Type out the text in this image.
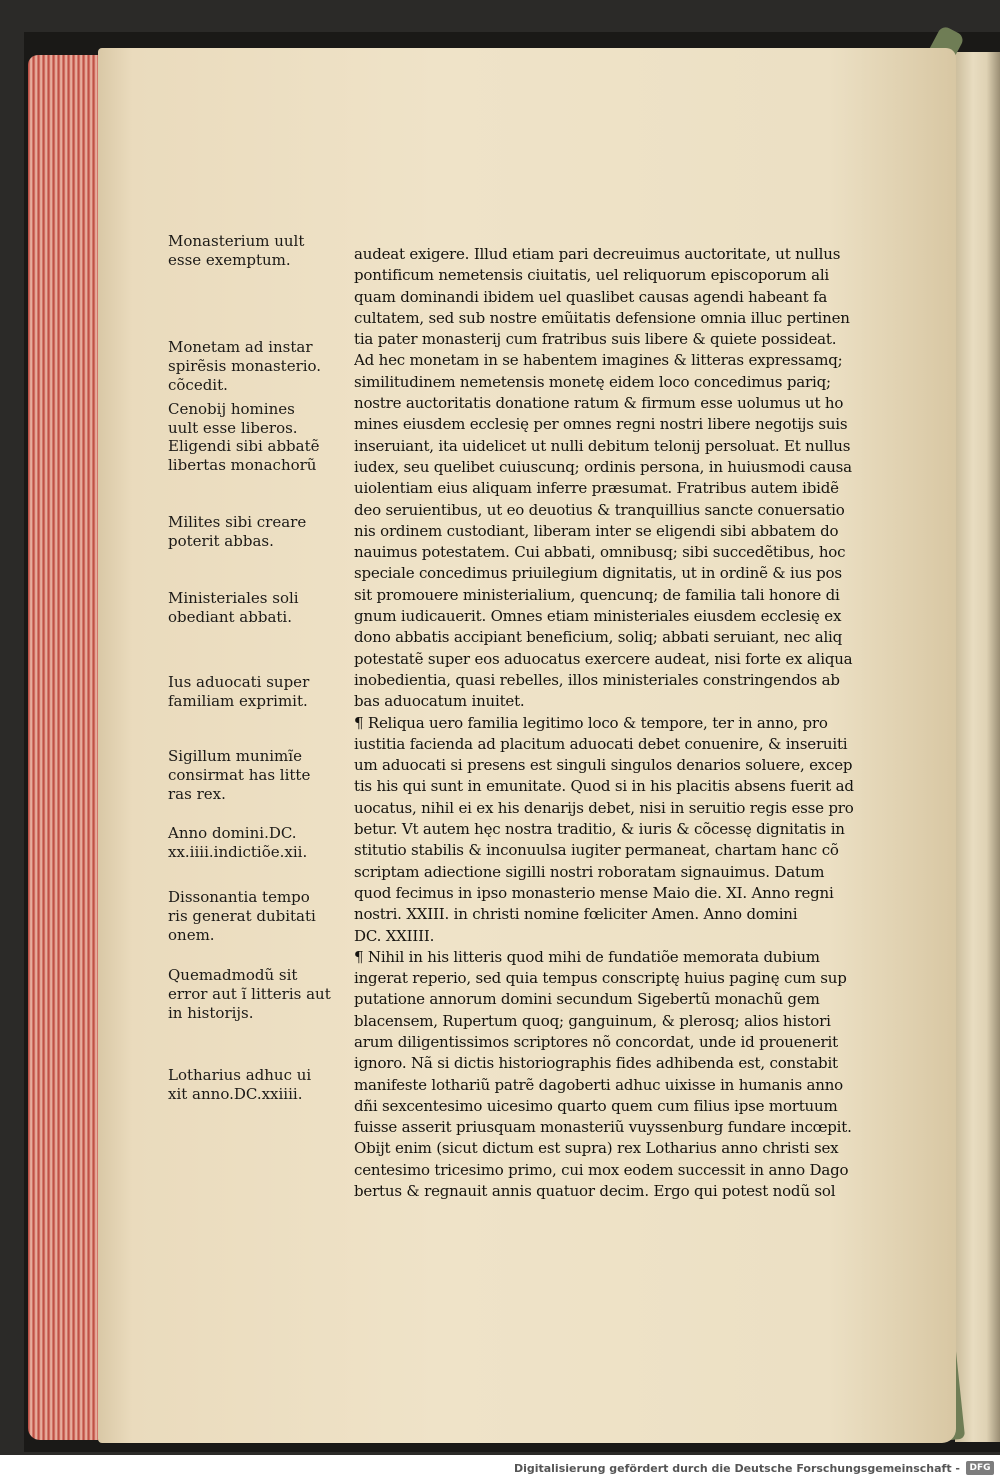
Monasterium uult
esse exemptum.
Monetam ad instar
spirẽsis monasterio.
cõcedit.
Cenobij homines
uult esse liberos.
Eligendi sibi abbatẽ
libertas monachorũ
Milites sibi creare
poterit abbas.
Ministeriales soli
obediant abbati.
Ius aduocati super
familiam exprimit.
Sigillum munimĩe
consirmat has litte
ras rex.
Anno domini.DC.
xx.iiii.indictiõe.xii.
Dissonantia tempo
ris generat dubitati
onem.
Quemadmodũ sit
error aut ĩ litteris aut
in historijs.
Lotharius adhuc ui
xit anno.DC.xxiiii.
audeat exigere. Illud etiam pari decreuimus auctoritate, ut nullus
pontificum nemetensis ciuitatis, uel reliquorum episcoporum ali
quam dominandi ibidem uel quaslibet causas agendi habeant fa
cultatem, sed sub nostre emũitatis defensione omnia illuc pertinen
tia pater monasterij cum fratribus suis libere & quiete possideat.
Ad hec monetam in se habentem imagines & litteras expressamq;
similitudinem nemetensis monetę eidem loco concedimus pariq;
nostre auctoritatis donatione ratum & firmum esse uolumus ut ho
mines eiusdem ecclesię per omnes regni nostri libere negotijs suis
inseruiant, ita uidelicet ut nulli debitum telonij persoluat. Et nullus
iudex, seu quelibet cuiuscunq; ordinis persona, in huiusmodi causa
uiolentiam eius aliquam inferre præsumat. Fratribus autem ibidẽ
deo seruientibus, ut eo deuotius & tranquillius sancte conuersatio
nis ordinem custodiant, liberam inter se eligendi sibi abbatem do
nauimus potestatem. Cui abbati, omnibusq; sibi succedẽtibus, hoc
speciale concedimus priuilegium dignitatis, ut in ordinẽ & ius pos
sit promouere ministerialium, quencunq; de familia tali honore di
gnum iudicauerit. Omnes etiam ministeriales eiusdem ecclesię ex
dono abbatis accipiant beneficium, soliq; abbati seruiant, nec aliq
potestatẽ super eos aduocatus exercere audeat, nisi forte ex aliqua
inobedientia, quasi rebelles, illos ministeriales constringendos ab
bas aduocatum inuitet.
¶ Reliqua uero familia legitimo loco & tempore, ter in anno, pro
iustitia facienda ad placitum aduocati debet conuenire, & inseruiti
um aduocati si presens est singuli singulos denarios soluere, excep
tis his qui sunt in emunitate. Quod si in his placitis absens fuerit ad
uocatus, nihil ei ex his denarijs debet, nisi in seruitio regis esse pro
betur. Vt autem hęc nostra traditio, & iuris & cõcessę dignitatis in
stitutio stabilis & inconuulsa iugiter permaneat, chartam hanc cõ
scriptam adiectione sigilli nostri roboratam signauimus. Datum
quod fecimus in ipso monasterio mense Maio die. XI. Anno regni
nostri. XXIII. in christi nomine fœliciter Amen. Anno domini
DC. XXIIII.
¶ Nihil in his litteris quod mihi de fundatiõe memorata dubium
ingerat reperio, sed quia tempus conscriptę huius paginę cum sup
putatione annorum domini secundum Sigebertũ monachũ gem
blacensem, Rupertum quoq; ganguinum, & plerosq; alios histori
arum diligentissimos scriptores nõ concordat, unde id prouenerit
ignoro. Nã si dictis historiographis fides adhibenda est, constabit
manifeste lothariũ patrẽ dagoberti adhuc uixisse in humanis anno
dñi sexcentesimo uicesimo quarto quem cum filius ipse mortuum
fuisse asserit priusquam monasteriũ vuyssenburg fundare incœpit.
Obijt enim (sicut dictum est supra) rex Lotharius anno christi sex
centesimo tricesimo primo, cui mox eodem successit in anno Dago
bertus & regnauit annis quatuor decim. Ergo qui potest nodũ sol
Digitalisierung gefördert durch die Deutsche Forschungsgemeinschaft -	DFG
